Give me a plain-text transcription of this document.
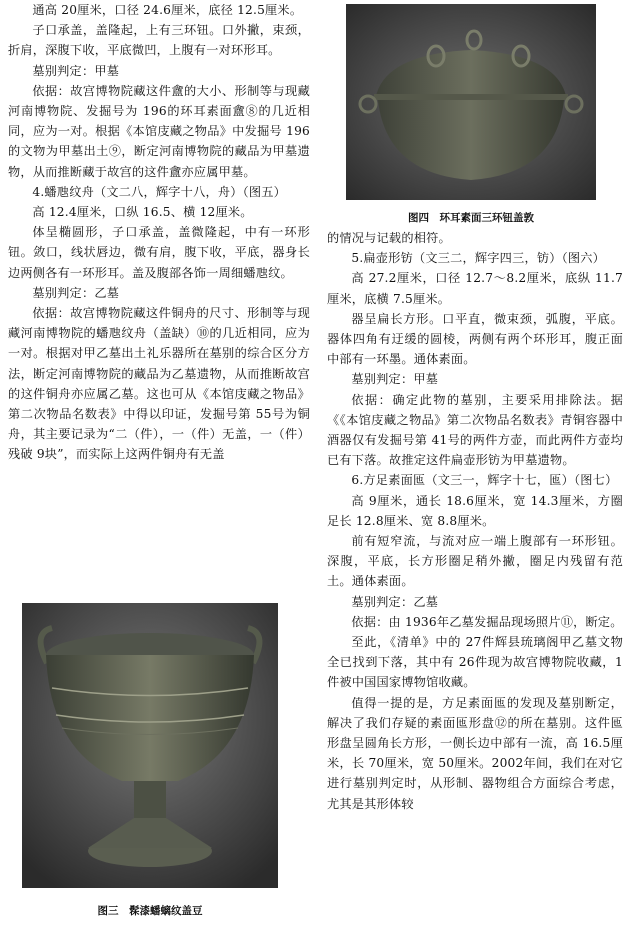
通高 20厘米，口径 24.6厘米，底径 12.5厘米。

子口承盖，盖隆起，上有三环钮。口外撇，束颈，折肩，深腹下收，平底微凹，上腹有一对环形耳。

墓别判定：甲墓

依据：故宫博物院藏这件盦的大小、形制等与现藏河南博物院、发掘号为 196的环耳素面盦⑧的几近相同，应为一对。根据《本馆庋藏之物品》中发掘号 196的文物为甲墓出土⑨，断定河南博物院的藏品为甲墓遗物，从而推断藏于故宫的这件盦亦应属甲墓。

4.蟠虺纹舟（文二八，辉字十八，舟）（图五）

高 12.4厘米，口纵 16.5、横 12厘米。

体呈椭圆形，子口承盖，盖微隆起，中有一环形钮。敛口，线状唇边，微有肩，腹下收，平底，器身长边两侧各有一环形耳。盖及腹部各饰一周细蟠虺纹。

墓别判定：乙墓

依据：故宫博物院藏这件铜舟的尺寸、形制等与现藏河南博物院的蟠虺纹舟（盖缺）⑩的几近相同，应为一对。根据对甲乙墓出土礼乐器所在墓别的综合区分方法，断定河南博物院的藏品为乙墓遗物，从而推断故宫的这件铜舟亦应属乙墓。这也可从《本馆庋藏之物品》第二次物品名数表》中得以印证，发掘号第 55号为铜舟，其主要记录为“二（件），一（件）无盖，一（件）残破 9块”，而实际上这两件铜舟有无盖

图三　髹漆蟠螭纹盖豆
图四　环耳素面三环钮盖敦

的情况与记载的相符。

5.扁壶形钫（文三二，辉字四三，钫）（图六）

高 27.2厘米，口径 12.7～8.2厘米，底纵 11.7厘米，底横 7.5厘米。

器呈扁长方形。口平直，微束颈，弧腹，平底。器体四角有迂缓的圆棱，两侧有两个环形耳，腹正面中部有一环墨。通体素面。

墓别判定：甲墓

依据：确定此物的墓别，主要采用排除法。据《《本馆庋藏之物品》第二次物品名数表》青铜容器中酒器仅有发掘号第 41号的两件方壶，而此两件方壶均已有下落。故推定这件扁壶形钫为甲墓遗物。

6.方足素面匜（文三一，辉字十七，匜）（图七）

高 9厘米，通长 18.6厘米，宽 14.3厘米，方圈足长 12.8厘米、宽 8.8厘米。

前有短窄流，与流对应一端上腹部有一环形钮。深腹，平底，长方形圈足稍外撇，圈足内残留有范土。通体素面。

墓别判定：乙墓

依据：由 1936年乙墓发掘品现场照片⑪，断定。

至此，《清单》中的 27件辉县琉璃阁甲乙墓文物全已找到下落，其中有 26件现为故宫博物院收藏，1件被中国国家博物馆收藏。

值得一提的是，方足素面匜的发现及墓别断定，解决了我们存疑的素面匜形盘⑫的所在墓别。这件匜形盘呈圆角长方形，一侧长边中部有一流，高 16.5厘米，长 70厘米，宽 50厘米。2002年间，我们在对它进行墓别判定时，从形制、器物组合方面综合考虑，尤其是其形体较
